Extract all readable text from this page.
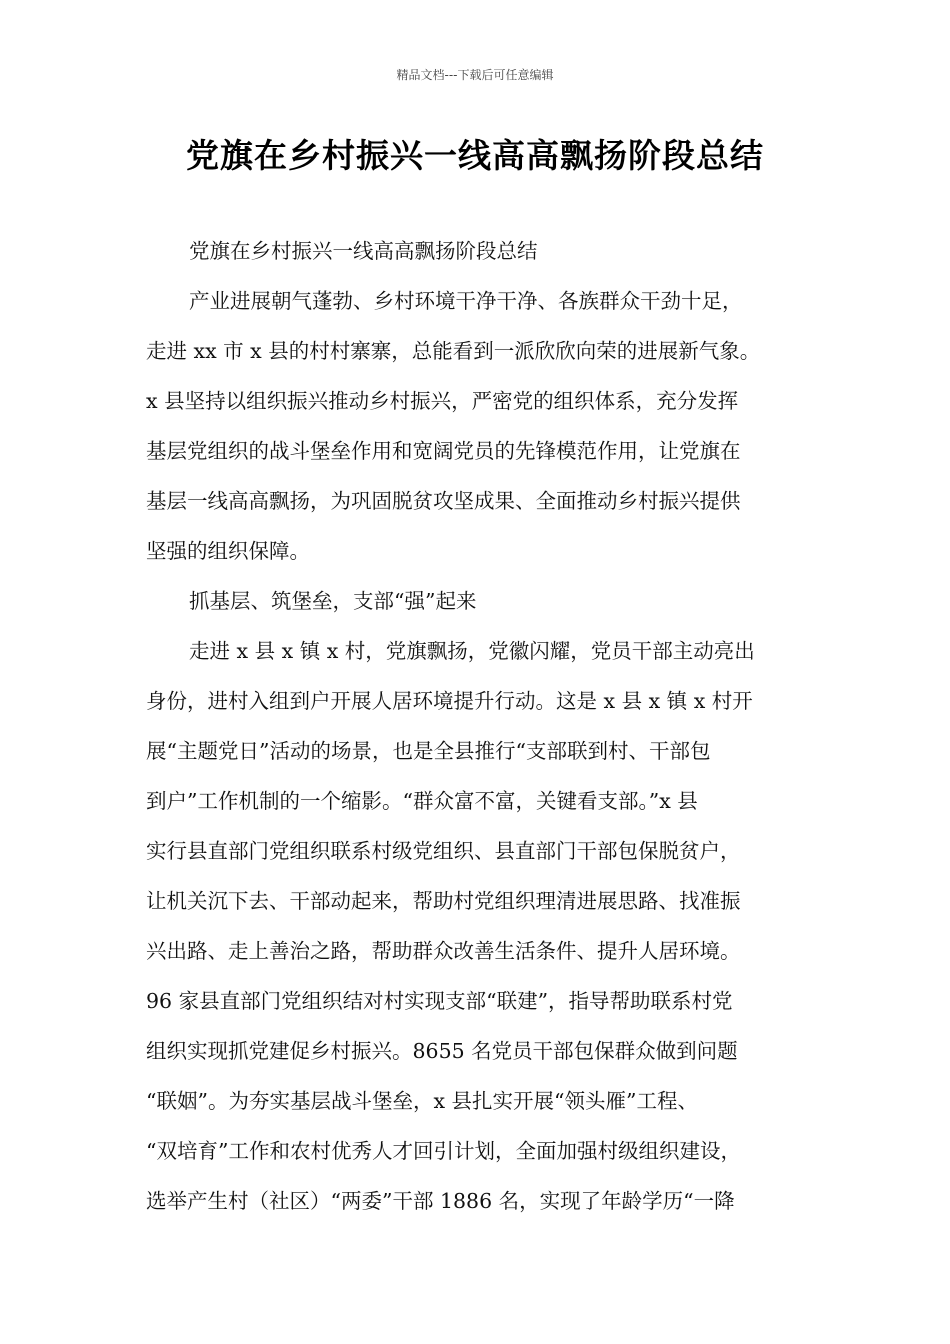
精品文档---下载后可任意编辑
党旗在乡村振兴一线高高飘扬阶段总结
党旗在乡村振兴一线高高飘扬阶段总结
产业进展朝气蓬勃、乡村环境干净干净、各族群众干劲十足，
走进 xx 市 x 县的村村寨寨，总能看到一派欣欣向荣的进展新气象。
x 县坚持以组织振兴推动乡村振兴，严密党的组织体系，充分发挥
基层党组织的战斗堡垒作用和宽阔党员的先锋模范作用，让党旗在
基层一线高高飘扬，为巩固脱贫攻坚成果、全面推动乡村振兴提供
坚强的组织保障。
抓基层、筑堡垒，支部“强”起来
走进 x 县 x 镇 x 村，党旗飘扬，党徽闪耀，党员干部主动亮出
身份，进村入组到户开展人居环境提升行动。这是 x 县 x 镇 x 村开
展“主题党日”活动的场景，也是全县推行“支部联到村、干部包
到户”工作机制的一个缩影。“群众富不富，关键看支部。”x 县
实行县直部门党组织联系村级党组织、县直部门干部包保脱贫户，
让机关沉下去、干部动起来，帮助村党组织理清进展思路、找准振
兴出路、走上善治之路，帮助群众改善生活条件、提升人居环境。
96 家县直部门党组织结对村实现支部“联建”，指导帮助联系村党
组织实现抓党建促乡村振兴。8655 名党员干部包保群众做到问题
“联姻”。为夯实基层战斗堡垒，x 县扎实开展“领头雁”工程、
“双培育”工作和农村优秀人才回引计划，全面加强村级组织建设，
选举产生村（社区）“两委”干部 1886 名，实现了年龄学历“一降
